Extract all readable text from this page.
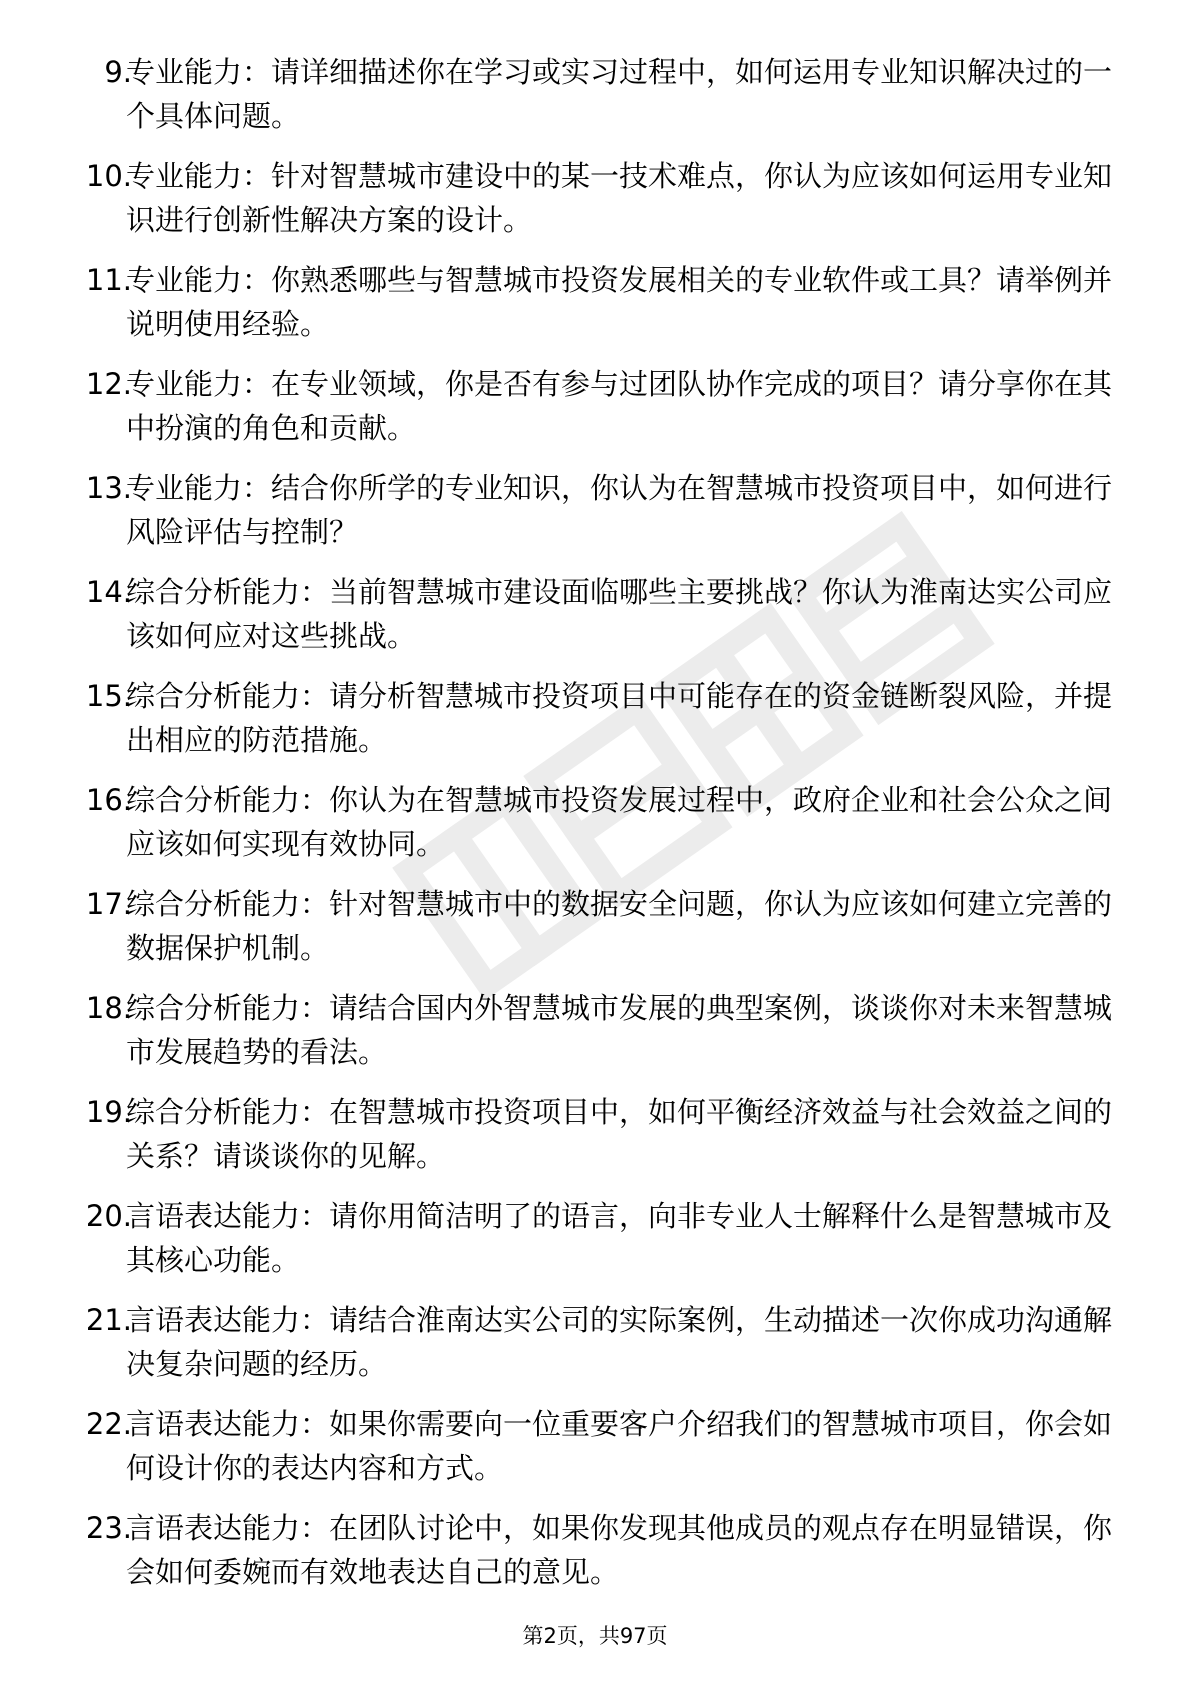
9.
专业能力：请详细描述你在学习或实习过程中，如何运用专业知识解决过的一个具体问题。
10.
专业能力：针对智慧城市建设中的某一技术难点，你认为应该如何运用专业知识进行创新性解决方案的设计。
11.
专业能力：你熟悉哪些与智慧城市投资发展相关的专业软件或工具？请举例并说明使用经验。
12.
专业能力：在专业领域，你是否有参与过团队协作完成的项目？请分享你在其中扮演的角色和贡献。
13.
专业能力：结合你所学的专业知识，你认为在智慧城市投资项目中，如何进行风险评估与控制？
14.
综合分析能力：当前智慧城市建设面临哪些主要挑战？你认为淮南达实公司应该如何应对这些挑战。
15.
综合分析能力：请分析智慧城市投资项目中可能存在的资金链断裂风险，并提出相应的防范措施。
16.
综合分析能力：你认为在智慧城市投资发展过程中，政府企业和社会公众之间应该如何实现有效协同。
17.
综合分析能力：针对智慧城市中的数据安全问题，你认为应该如何建立完善的数据保护机制。
18.
综合分析能力：请结合国内外智慧城市发展的典型案例，谈谈你对未来智慧城市发展趋势的看法。
19.
综合分析能力：在智慧城市投资项目中，如何平衡经济效益与社会效益之间的关系？请谈谈你的见解。
20.
言语表达能力：请你用简洁明了的语言，向非专业人士解释什么是智慧城市及其核心功能。
21.
言语表达能力：请结合淮南达实公司的实际案例，生动描述一次你成功沟通解决复杂问题的经历。
22.
言语表达能力：如果你需要向一位重要客户介绍我们的智慧城市项目，你会如何设计你的表达内容和方式。
23.
言语表达能力：在团队讨论中，如果你发现其他成员的观点存在明显错误，你会如何委婉而有效地表达自己的意见。
第2页，共97页
